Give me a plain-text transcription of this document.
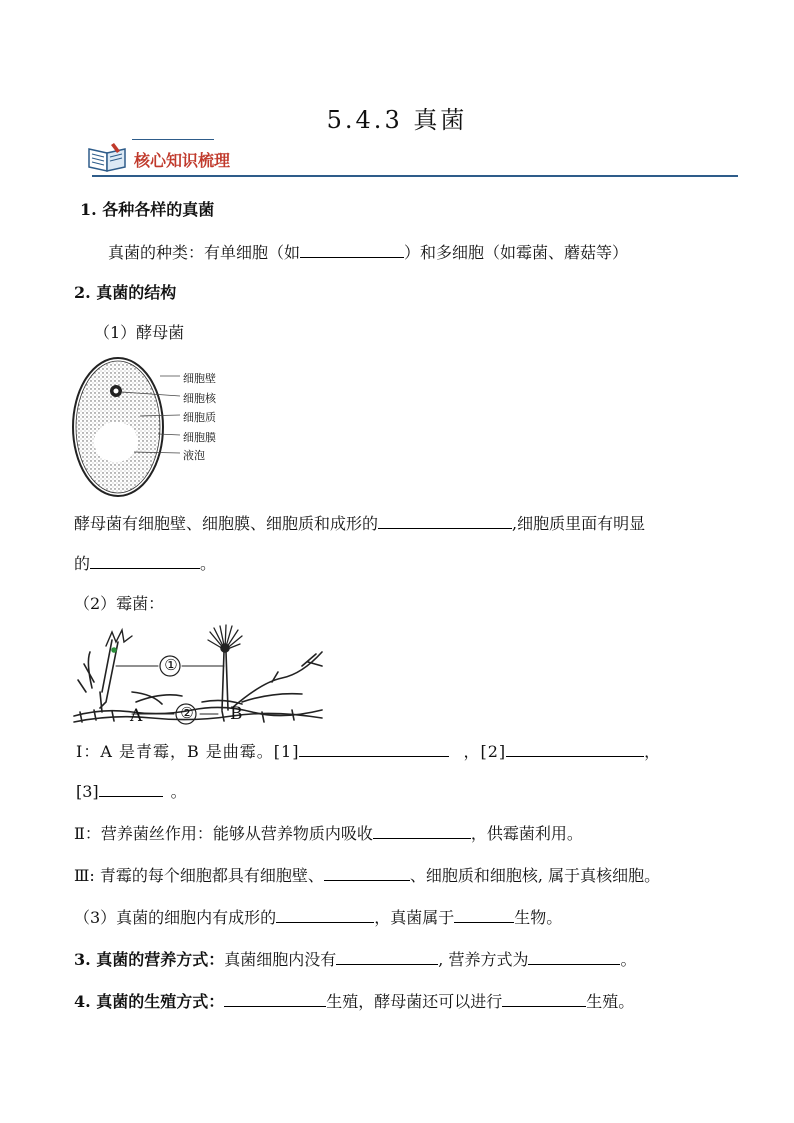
5.4.3 真菌
核心知识梳理
1. 各种各样的真菌
真菌的种类：有单细胞（如	）和多细胞（如霉菌、蘑菇等）
2. 真菌的结构
（1）酵母菌
细胞壁
细胞核
细胞质
细胞膜
液泡
酵母菌有细胞壁、细胞膜、细胞质和成形的	,细胞质里面有明显
的	。
（2）霉菌：
①
②
A	B
Ⅰ：A 是青霉，B 是曲霉。[1]	，[2]	，
[3]	。
Ⅱ：营养菌丝作用：能够从营养物质内吸收	，供霉菌利用。
Ⅲ: 青霉的每个细胞都具有细胞壁、	、细胞质和细胞核, 属于真核细胞。
（3）真菌的细胞内有成形的	，真菌属于	生物。
3. 真菌的营养方式：真菌细胞内没有	, 营养方式为	。
4. 真菌的生殖方式：	生殖，酵母菌还可以进行	生殖。
